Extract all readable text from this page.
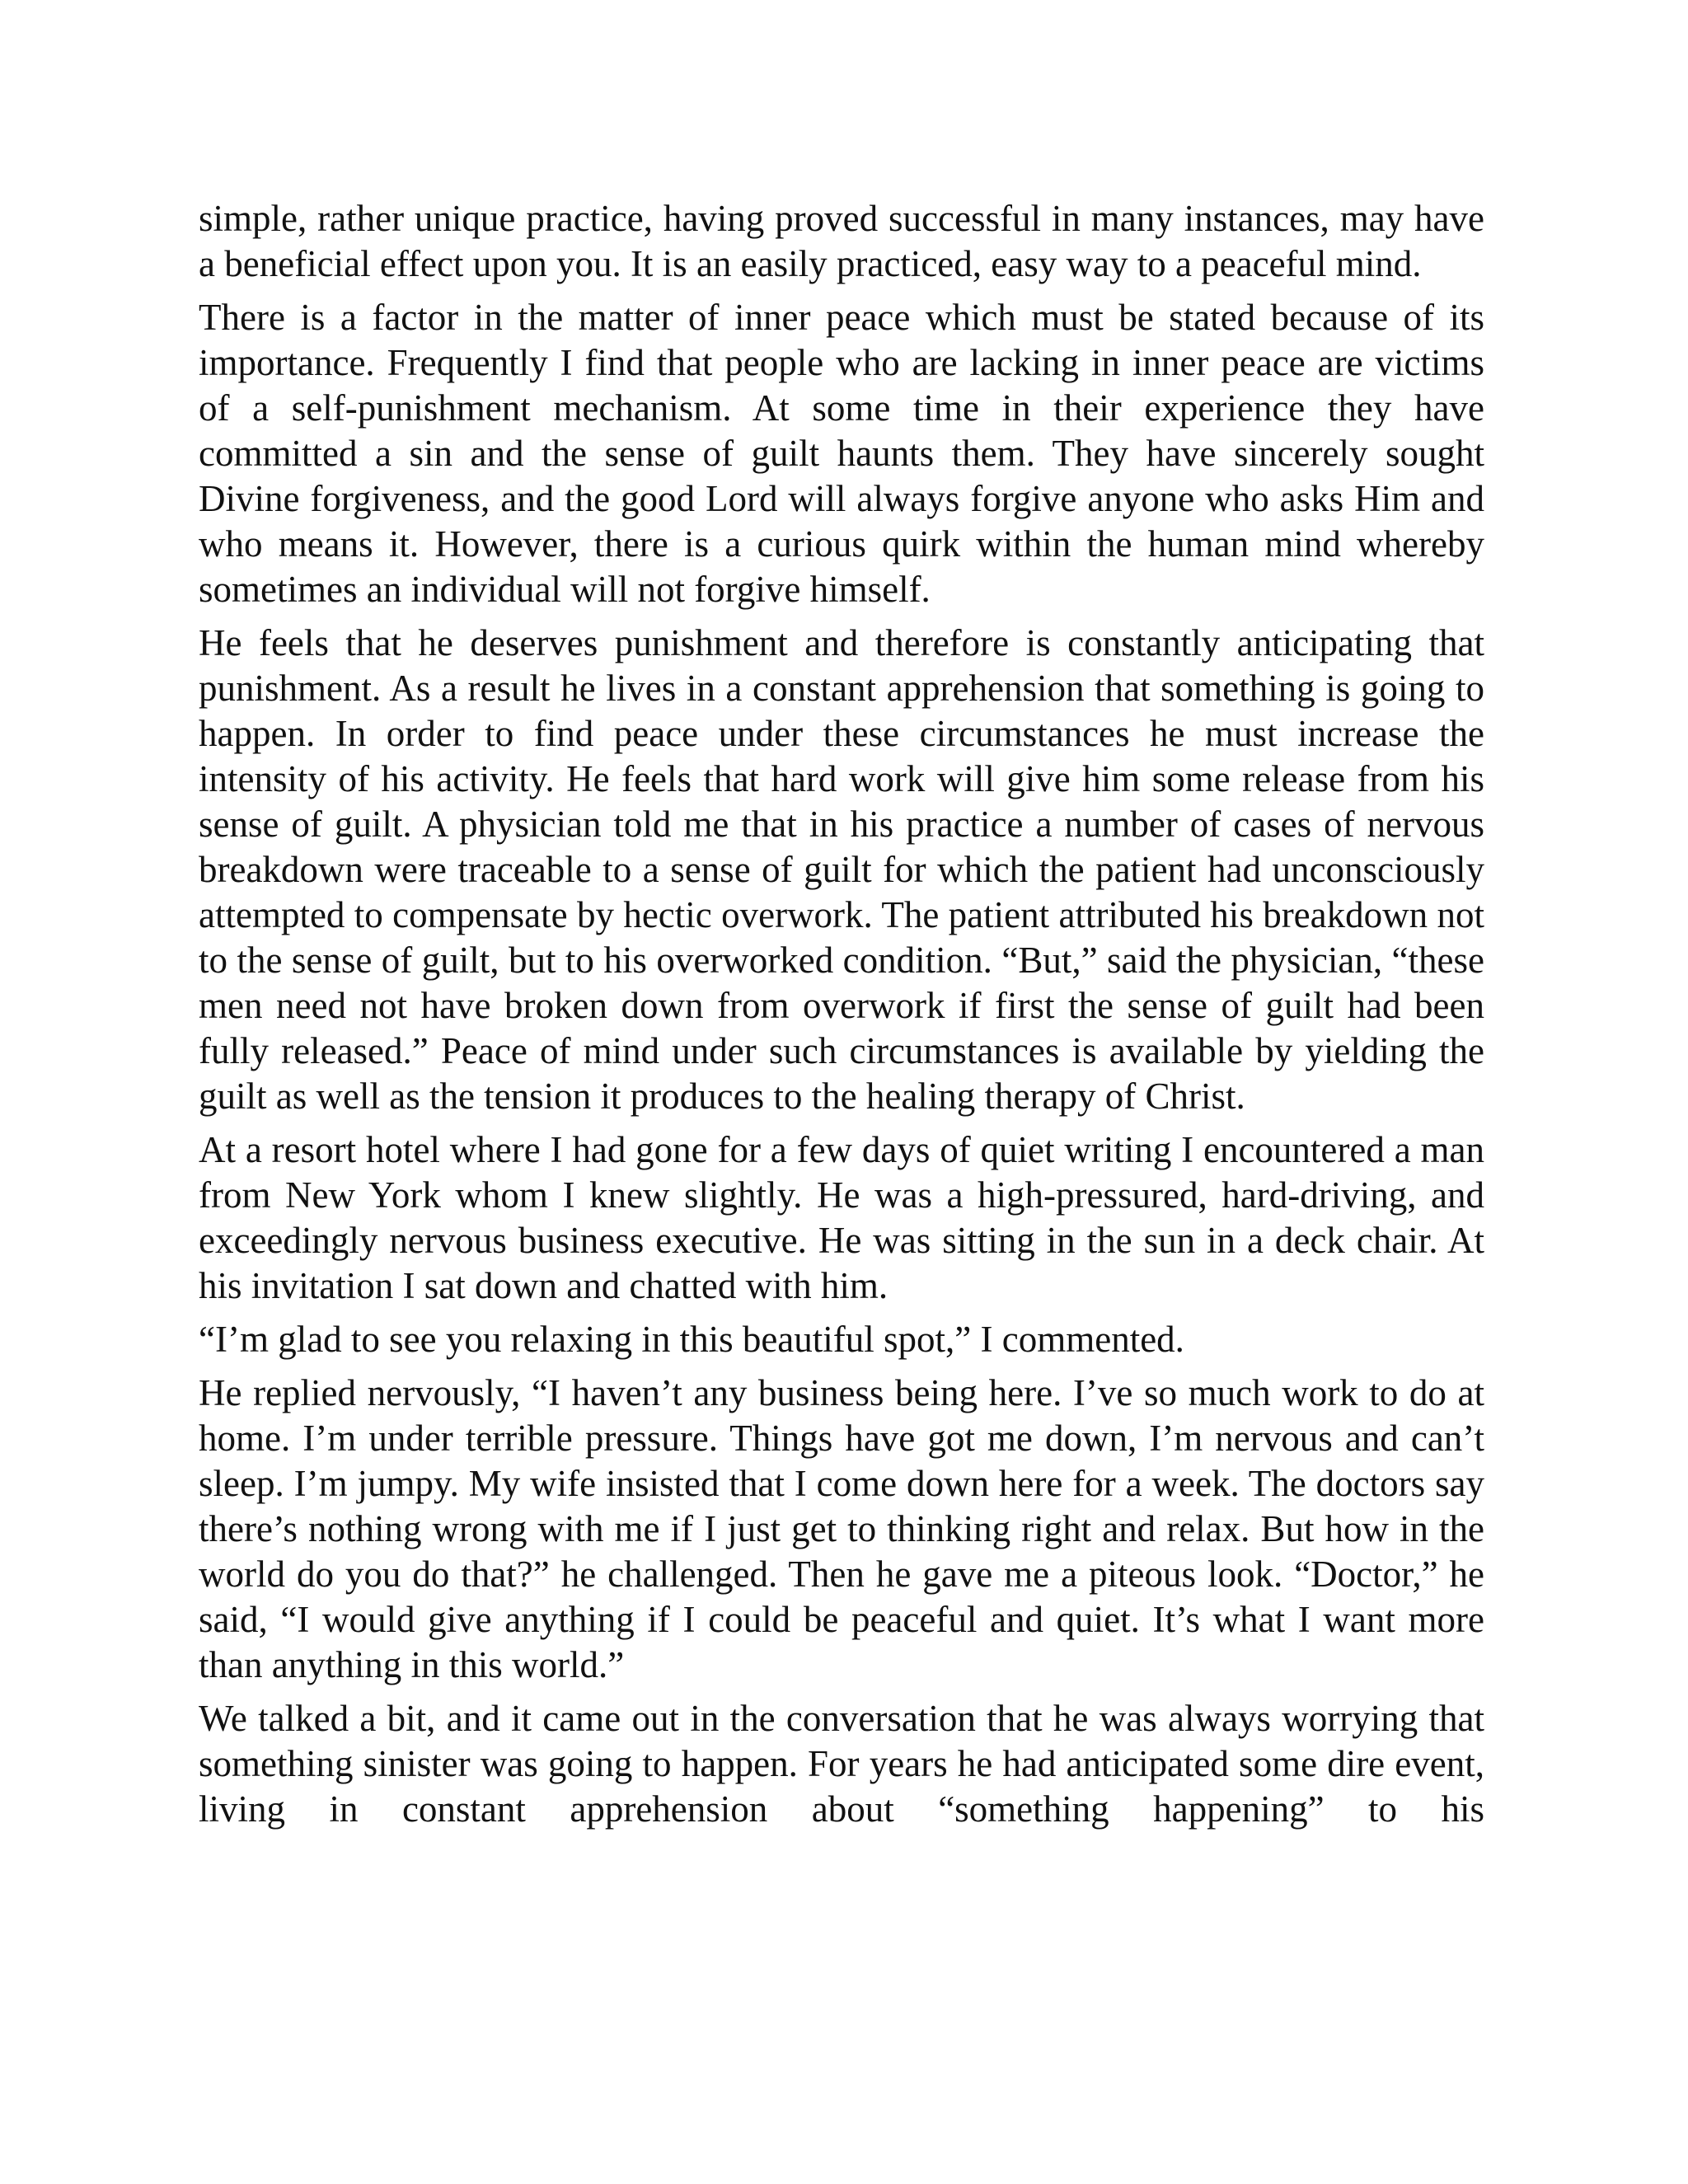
simple, rather unique practice, having proved successful in many instances, may have a beneficial effect upon you. It is an easily practiced, easy way to a peaceful mind.

There is a factor in the matter of inner peace which must be stated because of its importance. Frequently I find that people who are lacking in inner peace are victims of a self-punishment mechanism. At some time in their experience they have committed a sin and the sense of guilt haunts them. They have sincerely sought Divine forgiveness, and the good Lord will always forgive anyone who asks Him and who means it. However, there is a curious quirk within the human mind whereby sometimes an individual will not forgive himself.

He feels that he deserves punishment and therefore is constantly anticipating that punishment. As a result he lives in a constant apprehension that something is going to happen. In order to find peace under these circumstances he must increase the intensity of his activity. He feels that hard work will give him some release from his sense of guilt. A physician told me that in his practice a number of cases of nervous breakdown were traceable to a sense of guilt for which the patient had unconsciously attempted to compensate by hectic overwork. The patient attributed his breakdown not to the sense of guilt, but to his overworked condition. “But,” said the physician, “these men need not have broken down from overwork if first the sense of guilt had been fully released.” Peace of mind under such circumstances is available by yielding the guilt as well as the tension it produces to the healing therapy of Christ.

At a resort hotel where I had gone for a few days of quiet writing I encountered a man from New York whom I knew slightly. He was a high-pressured, hard-driving, and exceedingly nervous business executive. He was sitting in the sun in a deck chair. At his invitation I sat down and chatted with him.

“I’m glad to see you relaxing in this beautiful spot,” I commented.

He replied nervously, “I haven’t any business being here. I’ve so much work to do at home. I’m under terrible pressure. Things have got me down, I’m nervous and can’t sleep. I’m jumpy. My wife insisted that I come down here for a week. The doctors say there’s nothing wrong with me if I just get to thinking right and relax. But how in the world do you do that?” he challenged. Then he gave me a piteous look. “Doctor,” he said, “I would give anything if I could be peaceful and quiet. It’s what I want more than anything in this world.”

We talked a bit, and it came out in the conversation that he was always worrying that something sinister was going to happen. For years he had anticipated some dire event, living in constant apprehension about “something happening” to his
